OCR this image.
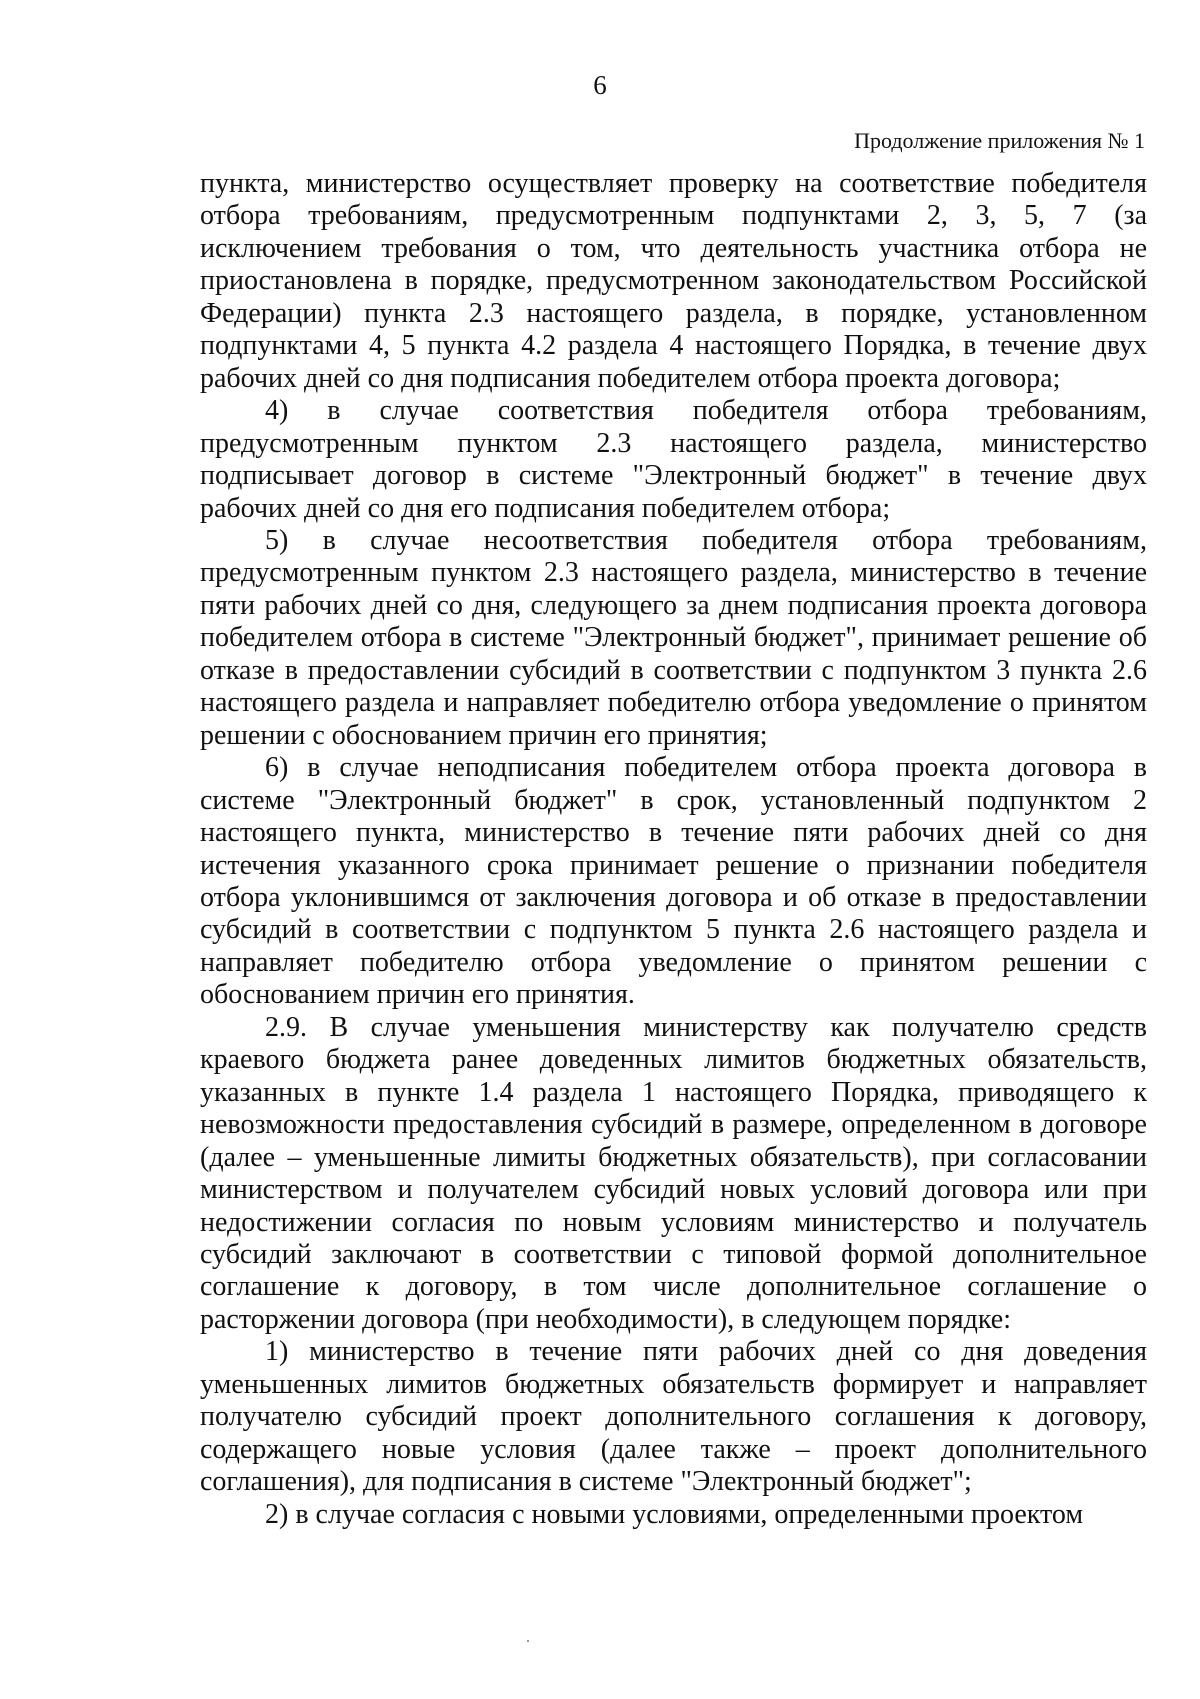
6
Продолжение приложения № 1

пункта, министерство осуществляет проверку на соответствие победителя отбора требованиям, предусмотренным подпунктами 2, 3, 5, 7 (за исключением требования о том, что деятельность участника отбора не приостановлена в порядке, предусмотренном законодательством Российской Федерации) пункта 2.3 настоящего раздела, в порядке, установленном подпунктами 4, 5 пункта 4.2 раздела 4 настоящего Порядка, в течение двух рабочих дней со дня подписания победителем отбора проекта договора;

4) в случае соответствия победителя отбора требованиям, предусмотренным пунктом 2.3 настоящего раздела, министерство подписывает договор в системе "Электронный бюджет" в течение двух рабочих дней со дня его подписания победителем отбора;

5) в случае несоответствия победителя отбора требованиям, предусмотренным пунктом 2.3 настоящего раздела, министерство в течение пяти рабочих дней со дня, следующего за днем подписания проекта договора победителем отбора в системе "Электронный бюджет", принимает решение об отказе в предоставлении субсидий в соответствии с подпунктом 3 пункта 2.6 настоящего раздела и направляет победителю отбора уведомление о принятом решении с обоснованием причин его принятия;

6) в случае неподписания победителем отбора проекта договора в системе "Электронный бюджет" в срок, установленный подпунктом 2 настоящего пункта, министерство в течение пяти рабочих дней со дня истечения указанного срока принимает решение о признании победителя отбора уклонившимся от заключения договора и об отказе в предоставлении субсидий в соответствии с подпунктом 5 пункта 2.6 настоящего раздела и направляет победителю отбора уведомление о принятом решении с обоснованием причин его принятия.

2.9. В случае уменьшения министерству как получателю средств краевого бюджета ранее доведенных лимитов бюджетных обязательств, указанных в пункте 1.4 раздела 1 настоящего Порядка, приводящего к невозможности предоставления субсидий в размере, определенном в договоре (далее – уменьшенные лимиты бюджетных обязательств), при согласовании министерством и получателем субсидий новых условий договора или при недостижении согласия по новым условиям министерство и получатель субсидий заключают в соответствии с типовой формой дополнительное соглашение к договору, в том числе дополнительное соглашение о расторжении договора (при необходимости), в следующем порядке:

1) министерство в течение пяти рабочих дней со дня доведения уменьшенных лимитов бюджетных обязательств формирует и направляет получателю субсидий проект дополнительного соглашения к договору, содержащего новые условия (далее также – проект дополнительного соглашения), для подписания в системе "Электронный бюджет";

2) в случае согласия с новыми условиями, определенными проектом
